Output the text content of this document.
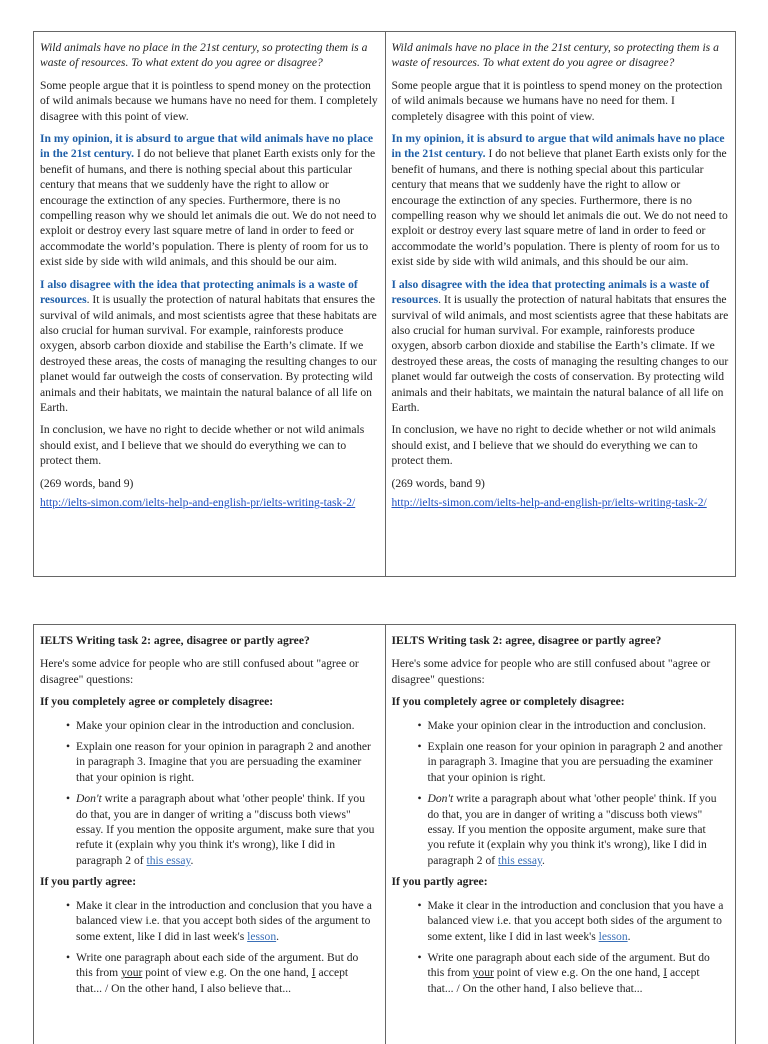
Wild animals have no place in the 21st century, so protecting them is a waste of resources. To what extent do you agree or disagree?

Some people argue that it is pointless to spend money on the protection of wild animals because we humans have no need for them. I completely disagree with this point of view.

In my opinion, it is absurd to argue that wild animals have no place in the 21st century. I do not believe that planet Earth exists only for the benefit of humans, and there is nothing special about this particular century that means that we suddenly have the right to allow or encourage the extinction of any species. Furthermore, there is no compelling reason why we should let animals die out. We do not need to exploit or destroy every last square metre of land in order to feed or accommodate the world’s population. There is plenty of room for us to exist side by side with wild animals, and this should be our aim.

I also disagree with the idea that protecting animals is a waste of resources. It is usually the protection of natural habitats that ensures the survival of wild animals, and most scientists agree that these habitats are also crucial for human survival. For example, rainforests produce oxygen, absorb carbon dioxide and stabilise the Earth’s climate. If we destroyed these areas, the costs of managing the resulting changes to our planet would far outweigh the costs of conservation. By protecting wild animals and their habitats, we maintain the natural balance of all life on Earth.

In conclusion, we have no right to decide whether or not wild animals should exist, and I believe that we should do everything we can to protect them.

(269 words, band 9)

http://ielts-simon.com/ielts-help-and-english-pr/ielts-writing-task-2/

Wild animals have no place in the 21st century, so protecting them is a waste of resources. To what extent do you agree or disagree?

Some people argue that it is pointless to spend money on the protection of wild animals because we humans have no need for them. I completely disagree with this point of view.

In my opinion, it is absurd to argue that wild animals have no place in the 21st century. I do not believe that planet Earth exists only for the benefit of humans, and there is nothing special about this particular century that means that we suddenly have the right to allow or encourage the extinction of any species. Furthermore, there is no compelling reason why we should let animals die out. We do not need to exploit or destroy every last square metre of land in order to feed or accommodate the world’s population. There is plenty of room for us to exist side by side with wild animals, and this should be our aim.

I also disagree with the idea that protecting animals is a waste of resources. It is usually the protection of natural habitats that ensures the survival of wild animals, and most scientists agree that these habitats are also crucial for human survival. For example, rainforests produce oxygen, absorb carbon dioxide and stabilise the Earth’s climate. If we destroyed these areas, the costs of managing the resulting changes to our planet would far outweigh the costs of conservation. By protecting wild animals and their habitats, we maintain the natural balance of all life on Earth.

In conclusion, we have no right to decide whether or not wild animals should exist, and I believe that we should do everything we can to protect them.

(269 words, band 9)

http://ielts-simon.com/ielts-help-and-english-pr/ielts-writing-task-2/

IELTS Writing task 2: agree, disagree or partly agree?

Here's some advice for people who are still confused about "agree or disagree" questions:

If you completely agree or completely disagree:

• Make your opinion clear in the introduction and conclusion.
• Explain one reason for your opinion in paragraph 2 and another in paragraph 3. Imagine that you are persuading the examiner that your opinion is right.
• Don't write a paragraph about what 'other people' think. If you do that, you are in danger of writing a "discuss both views" essay. If you mention the opposite argument, make sure that you refute it (explain why you think it's wrong), like I did in paragraph 2 of this essay.

If you partly agree:

• Make it clear in the introduction and conclusion that you have a balanced view i.e. that you accept both sides of the argument to some extent, like I did in last week's lesson.
• Write one paragraph about each side of the argument. But do this from your point of view e.g. On the one hand, I accept that... / On the other hand, I also believe that...

IELTS Writing task 2: agree, disagree or partly agree?

Here's some advice for people who are still confused about "agree or disagree" questions:

If you completely agree or completely disagree:

• Make your opinion clear in the introduction and conclusion.
• Explain one reason for your opinion in paragraph 2 and another in paragraph 3. Imagine that you are persuading the examiner that your opinion is right.
• Don't write a paragraph about what 'other people' think. If you do that, you are in danger of writing a "discuss both views" essay. If you mention the opposite argument, make sure that you refute it (explain why you think it's wrong), like I did in paragraph 2 of this essay.

If you partly agree:

• Make it clear in the introduction and conclusion that you have a balanced view i.e. that you accept both sides of the argument to some extent, like I did in last week's lesson.
• Write one paragraph about each side of the argument. But do this from your point of view e.g. On the one hand, I accept that... / On the other hand, I also believe that...
